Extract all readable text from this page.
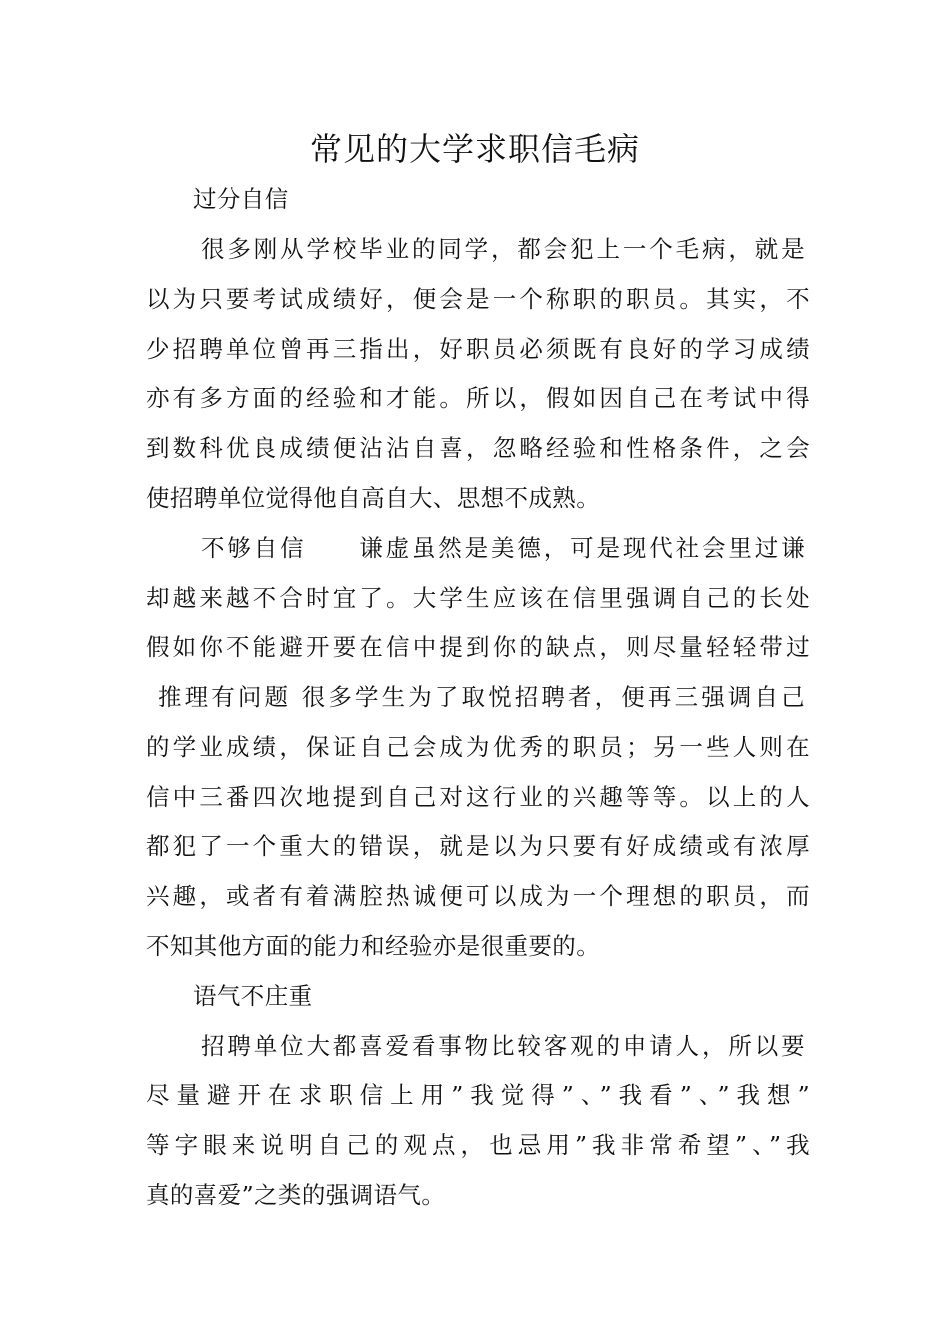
常见的大学求职信毛病
过分自信
很多刚从学校毕业的同学，都会犯上一个毛病，就是
以为只要考试成绩好，便会是一个称职的职员。其实，不
少招聘单位曾再三指出，好职员必须既有良好的学习成绩
亦有多方面的经验和才能。所以，假如因自己在考试中得
到数科优良成绩便沾沾自喜，忽略经验和性格条件，之会
使招聘单位觉得他自高自大、思想不成熟。
不够自信　　谦虚虽然是美德，可是现代社会里过谦
却越来越不合时宜了。大学生应该在信里强调自己的长处
假如你不能避开要在信中提到你的缺点，则尽量轻轻带过
推理有问题 很多学生为了取悦招聘者，便再三强调自己
的学业成绩，保证自己会成为优秀的职员；另一些人则在
信中三番四次地提到自己对这行业的兴趣等等。以上的人
都犯了一个重大的错误，就是以为只要有好成绩或有浓厚
兴趣，或者有着满腔热诚便可以成为一个理想的职员，而
不知其他方面的能力和经验亦是很重要的。
语气不庄重
招聘单位大都喜爱看事物比较客观的申请人，所以要
尽量避开在求职信上用”我觉得”、”我看”、”我想”
等字眼来说明自己的观点，也忌用”我非常希望”、”我
真的喜爱”之类的强调语气。
